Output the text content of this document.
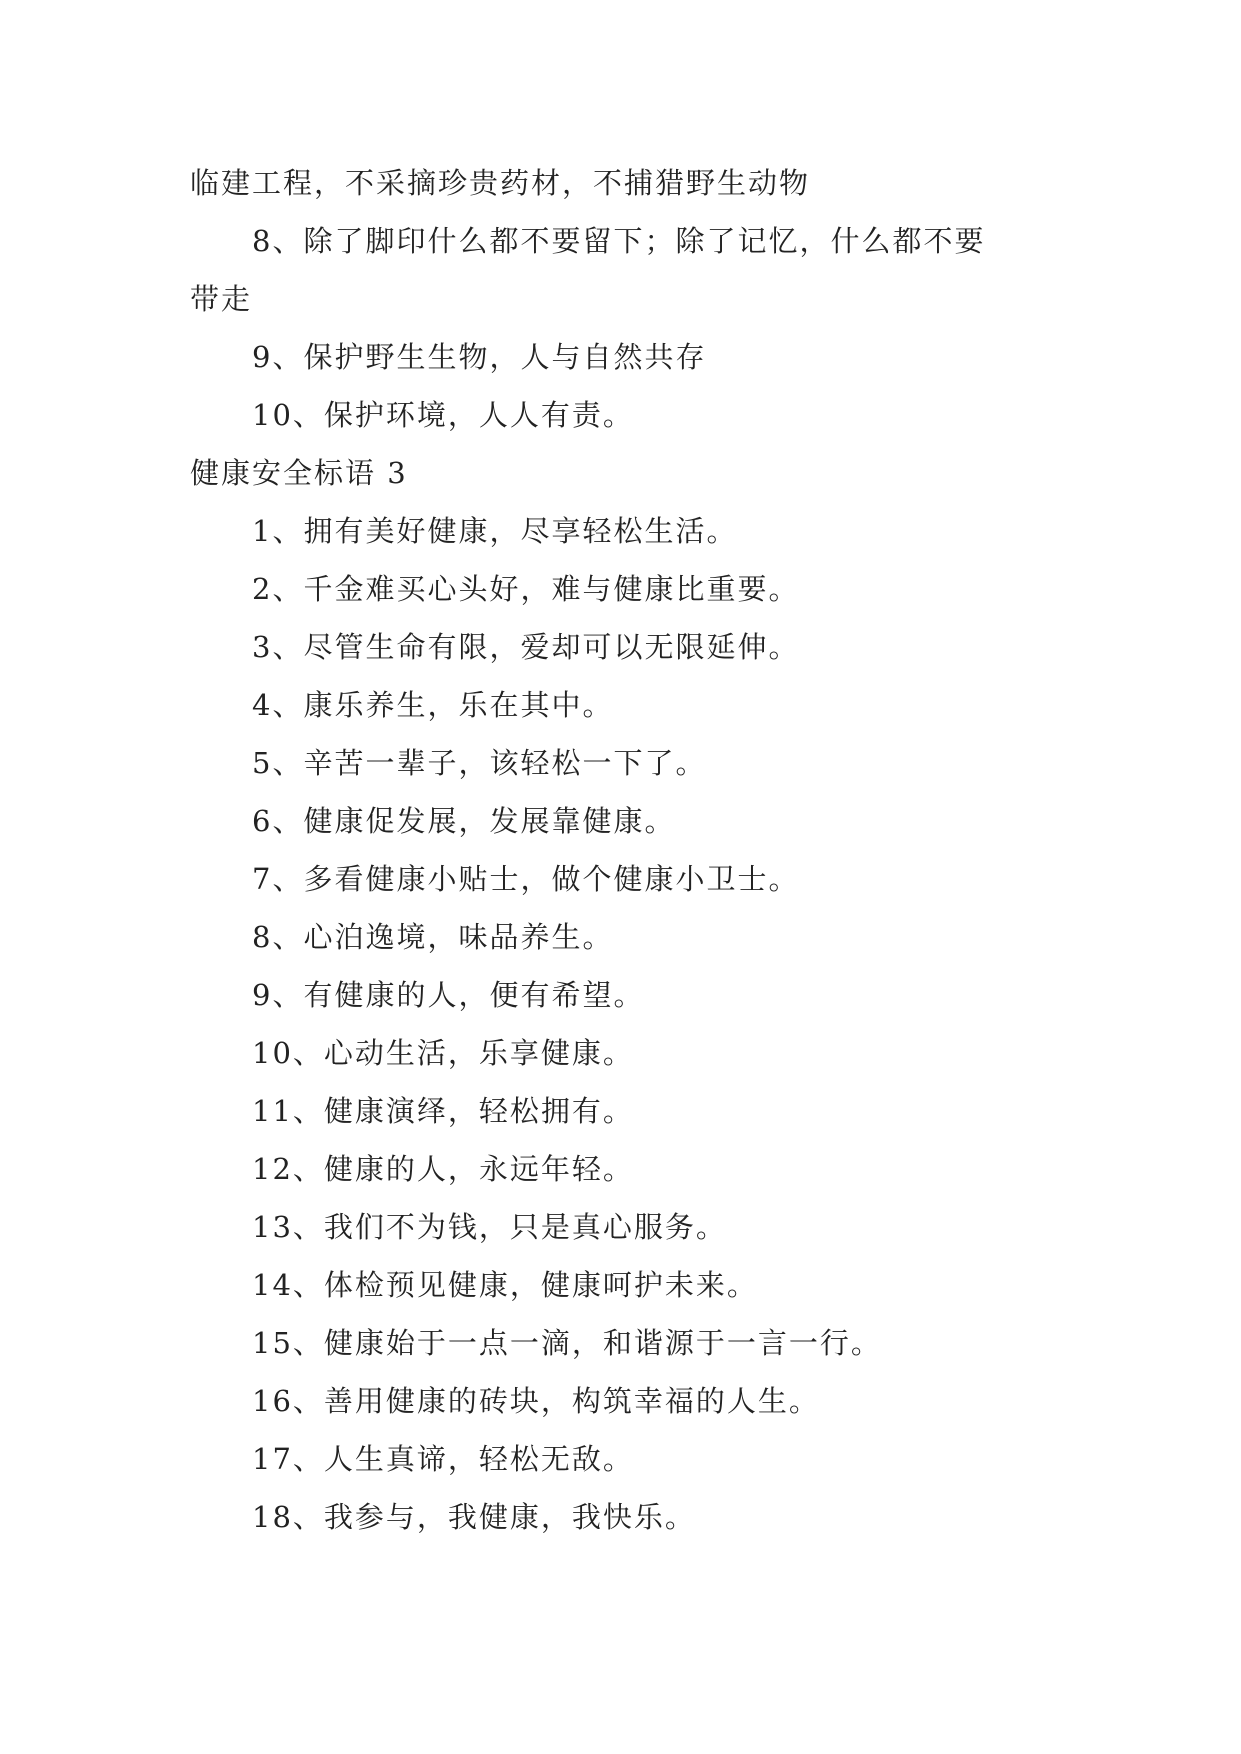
临建工程，不采摘珍贵药材，不捕猎野生动物
8、除了脚印什么都不要留下；除了记忆，什么都不要
带走
9、保护野生生物，人与自然共存
10、保护环境，人人有责。
健康安全标语 3
1、拥有美好健康，尽享轻松生活。
2、千金难买心头好，难与健康比重要。
3、尽管生命有限，爱却可以无限延伸。
4、康乐养生，乐在其中。
5、辛苦一辈子，该轻松一下了。
6、健康促发展，发展靠健康。
7、多看健康小贴士，做个健康小卫士。
8、心泊逸境，味品养生。
9、有健康的人，便有希望。
10、心动生活，乐享健康。
11、健康演绎，轻松拥有。
12、健康的人，永远年轻。
13、我们不为钱，只是真心服务。
14、体检预见健康，健康呵护未来。
15、健康始于一点一滴，和谐源于一言一行。
16、善用健康的砖块，构筑幸福的人生。
17、人生真谛，轻松无敌。
18、我参与，我健康，我快乐。
